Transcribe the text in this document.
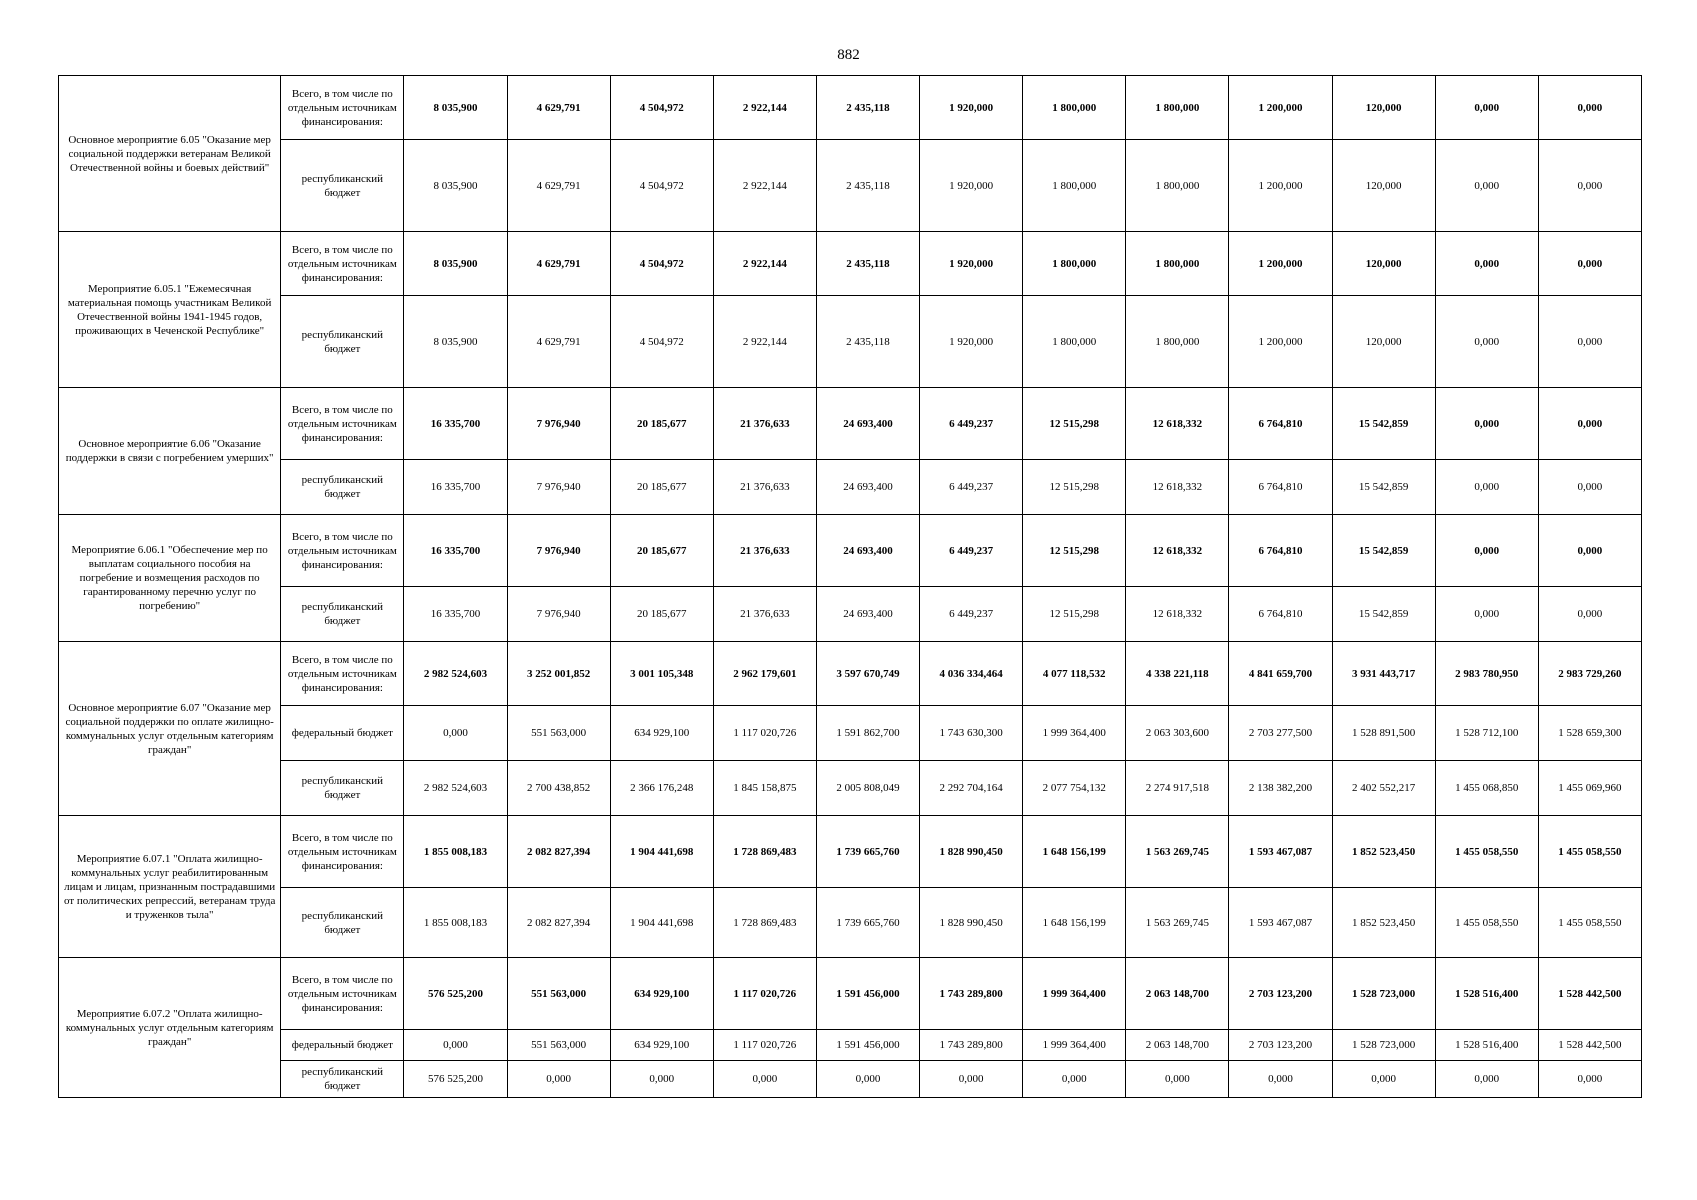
882
Основное мероприятие 6.05 "Оказание мер социальной поддержки ветеранам Великой Отечественной войны и боевых действий"	Всего, в том числе по отдельным источникам финансирования:	8 035,900	4 629,791	4 504,972	2 922,144	2 435,118	1 920,000	1 800,000	1 800,000	1 200,000	120,000	0,000	0,000
	республиканский бюджет	8 035,900	4 629,791	4 504,972	2 922,144	2 435,118	1 920,000	1 800,000	1 800,000	1 200,000	120,000	0,000	0,000
Мероприятие 6.05.1 "Ежемесячная материальная помощь участникам Великой Отечественной войны 1941-1945 годов, проживающих в Чеченской Республике"	Всего, в том числе по отдельным источникам финансирования:	8 035,900	4 629,791	4 504,972	2 922,144	2 435,118	1 920,000	1 800,000	1 800,000	1 200,000	120,000	0,000	0,000
	республиканский бюджет	8 035,900	4 629,791	4 504,972	2 922,144	2 435,118	1 920,000	1 800,000	1 800,000	1 200,000	120,000	0,000	0,000
Основное мероприятие 6.06 "Оказание поддержки в связи с погребением умерших"	Всего, в том числе по отдельным источникам финансирования:	16 335,700	7 976,940	20 185,677	21 376,633	24 693,400	6 449,237	12 515,298	12 618,332	6 764,810	15 542,859	0,000	0,000
	республиканский бюджет	16 335,700	7 976,940	20 185,677	21 376,633	24 693,400	6 449,237	12 515,298	12 618,332	6 764,810	15 542,859	0,000	0,000
Мероприятие 6.06.1 "Обеспечение мер по выплатам социального пособия на погребение и возмещения расходов по гарантированному перечню услуг по погребению"	Всего, в том числе по отдельным источникам финансирования:	16 335,700	7 976,940	20 185,677	21 376,633	24 693,400	6 449,237	12 515,298	12 618,332	6 764,810	15 542,859	0,000	0,000
	республиканский бюджет	16 335,700	7 976,940	20 185,677	21 376,633	24 693,400	6 449,237	12 515,298	12 618,332	6 764,810	15 542,859	0,000	0,000
Основное мероприятие 6.07 "Оказание мер социальной поддержки по оплате жилищно-коммунальных услуг отдельным категориям граждан"	Всего, в том числе по отдельным источникам финансирования:	2 982 524,603	3 252 001,852	3 001 105,348	2 962 179,601	3 597 670,749	4 036 334,464	4 077 118,532	4 338 221,118	4 841 659,700	3 931 443,717	2 983 780,950	2 983 729,260
	федеральный бюджет	0,000	551 563,000	634 929,100	1 117 020,726	1 591 862,700	1 743 630,300	1 999 364,400	2 063 303,600	2 703 277,500	1 528 891,500	1 528 712,100	1 528 659,300
	республиканский бюджет	2 982 524,603	2 700 438,852	2 366 176,248	1 845 158,875	2 005 808,049	2 292 704,164	2 077 754,132	2 274 917,518	2 138 382,200	2 402 552,217	1 455 068,850	1 455 069,960
Мероприятие 6.07.1 "Оплата жилищно-коммунальных услуг реабилитированным лицам и лицам, признанным пострадавшими от политических репрессий, ветеранам труда и труженков тыла"	Всего, в том числе по отдельным источникам финансирования:	1 855 008,183	2 082 827,394	1 904 441,698	1 728 869,483	1 739 665,760	1 828 990,450	1 648 156,199	1 563 269,745	1 593 467,087	1 852 523,450	1 455 058,550	1 455 058,550
	республиканский бюджет	1 855 008,183	2 082 827,394	1 904 441,698	1 728 869,483	1 739 665,760	1 828 990,450	1 648 156,199	1 563 269,745	1 593 467,087	1 852 523,450	1 455 058,550	1 455 058,550
Мероприятие 6.07.2 "Оплата жилищно-коммунальных услуг отдельным категориям граждан"	Всего, в том числе по отдельным источникам финансирования:	576 525,200	551 563,000	634 929,100	1 117 020,726	1 591 456,000	1 743 289,800	1 999 364,400	2 063 148,700	2 703 123,200	1 528 723,000	1 528 516,400	1 528 442,500
	федеральный бюджет	0,000	551 563,000	634 929,100	1 117 020,726	1 591 456,000	1 743 289,800	1 999 364,400	2 063 148,700	2 703 123,200	1 528 723,000	1 528 516,400	1 528 442,500
	республиканский бюджет	576 525,200	0,000	0,000	0,000	0,000	0,000	0,000	0,000	0,000	0,000	0,000	0,000
